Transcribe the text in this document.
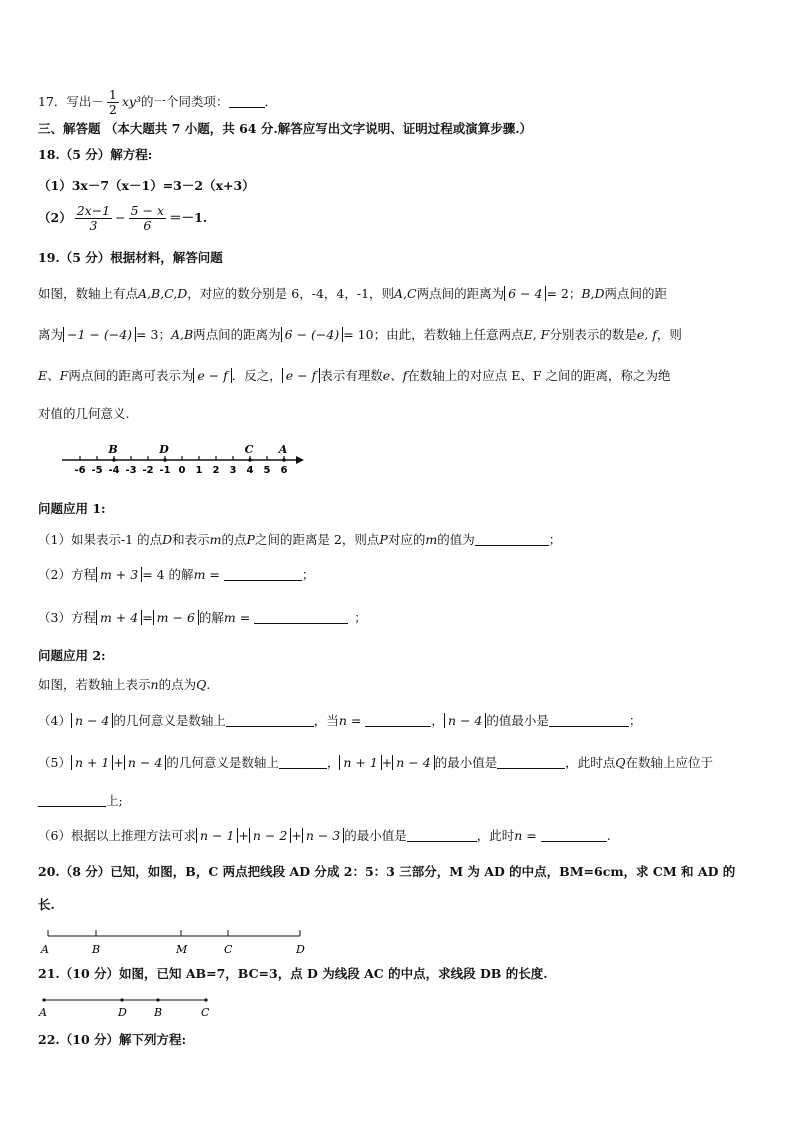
17．写出－ $\frac{1}{2} xy^3$的一个同类项：	．
三、解答题 （本大题共 7 小题，共 64 分.解答应写出文字说明、证明过程或演算步骤.）
18.（5 分）解方程:
（1）3x－7（x－1）=3－2（x+3）
$(2) \frac{2x-1}{3} - \frac{5 - x}{6} =-1$.
19.（5 分）根据材料，解答问题
如图，数轴上有点A,B,C,D，对应的数分别是 6，-4，4，-1，则A,C两点间的距离为 6 − 4 = 2；B,D两点间的距
离为 −1 − (−4) = 3；A,B两点间的距离为 6 − (−4) = 10；由此，若数轴上任意两点E, F分别表示的数是e, f，则
E、F两点间的距离可表示为 e − f ．反之， e − f 表示有理数e、f在数轴上的对应点 E、F 之间的距离，称之为绝
对值的几何意义.
-6 -5 -4 -3 -2 -1 0 1 2 3 4 5 6
B	D	C A
问题应用 1:
（1）如果表示-1 的点D和表示m的点P之间的距离是 2，则点P对应的m的值为	；
（2）方程 m + 3 = 4 的解m =	；
（3）方程 m + 4 = m − 6 的解m =	；
问题应用 2:
如图，若数轴上表示n的点为Q.
（4） n − 4 的几何意义是数轴上	，当n =	， n − 4 的值最小是	；
（5） n + 1 + n − 4 的几何意义是数轴上	， n + 1 + n − 4 的最小值是	，此时点Q在数轴上应位于
上;
（6）根据以上推理方法可求 n − 1 + n − 2 + n − 3 的最小值是	，此时n =	.
20.（8 分）已知，如图，B，C 两点把线段 AD 分成 2：5：3 三部分，M 为 AD 的中点，BM=6cm，求 CM 和 AD 的
长.
A	B	M	C	D
21.（10 分）如图，已知 AB=7，BC=3，点 D 为线段 AC 的中点，求线段 DB 的长度.
A	D B	C
22.（10 分）解下列方程:
